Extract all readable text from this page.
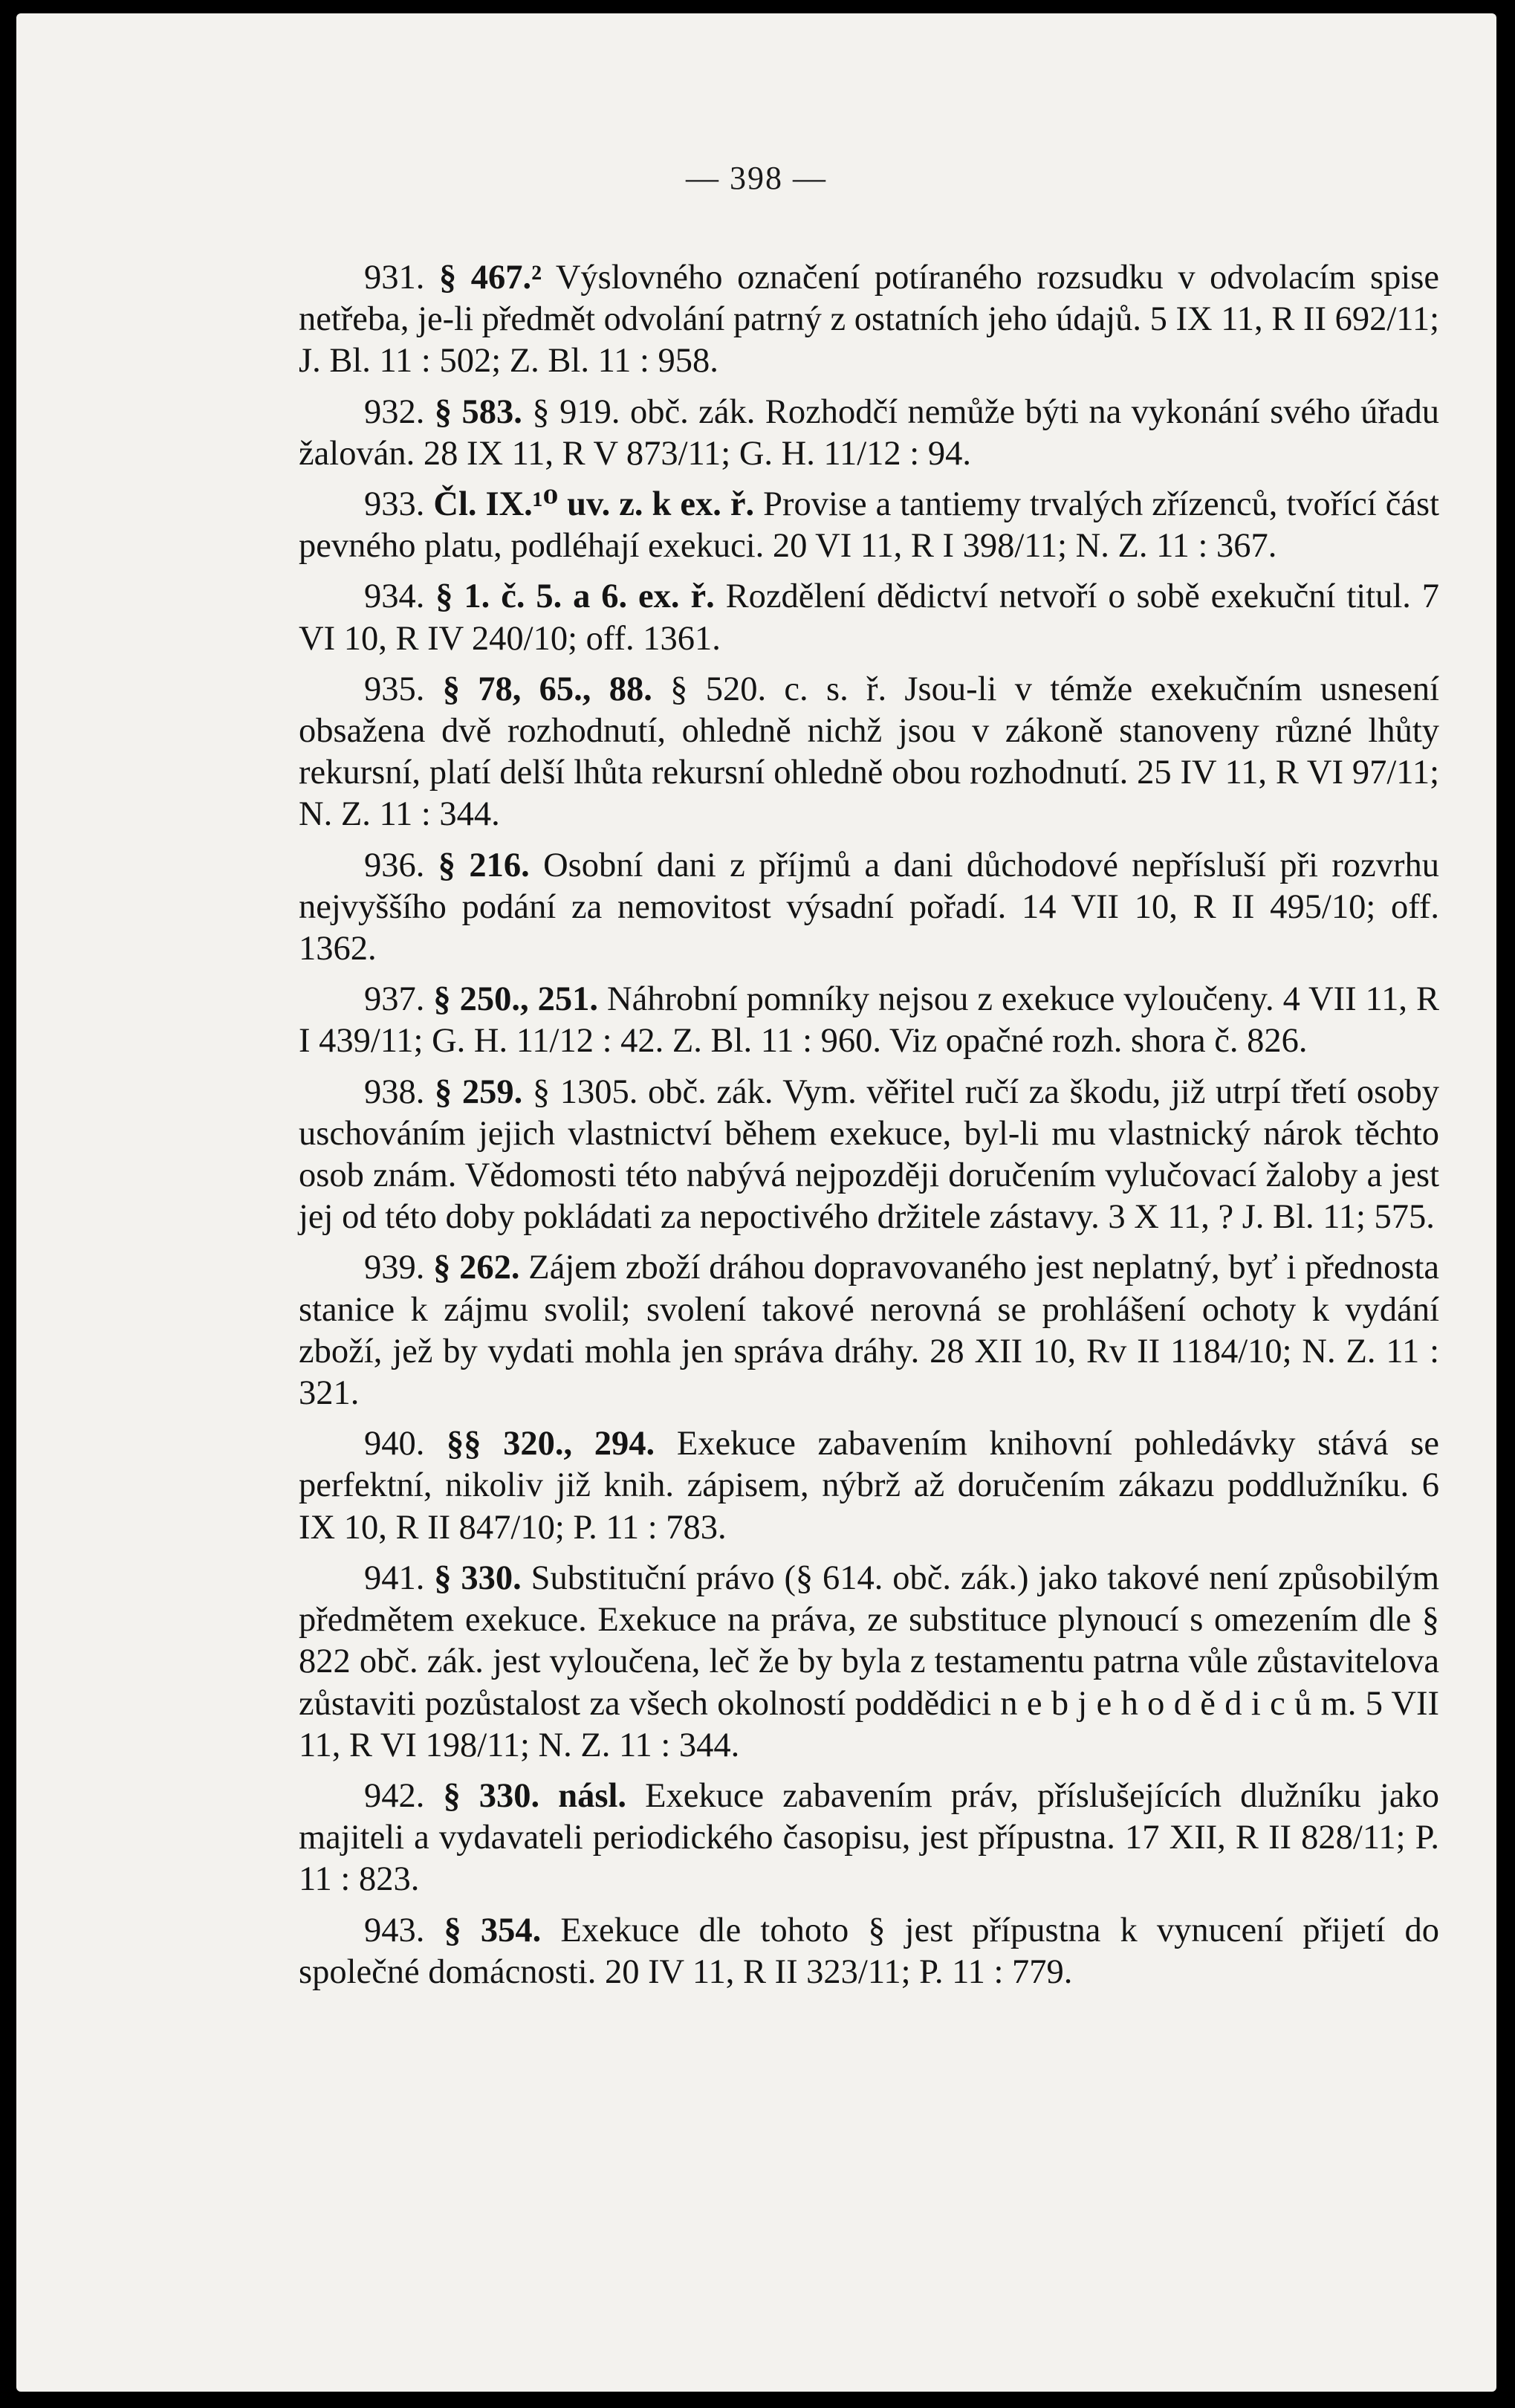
— 398 —

931. § 467.² Výslovného označení potíraného rozsudku v odvolacím spise netřeba, je-li předmět odvolání patrný z ostatních jeho údajů. 5 IX 11, R II 692/11; J. Bl. 11 : 502; Z. Bl. 11 : 958.

932. § 583. § 919. obč. zák. Rozhodčí nemůže býti na vykonání svého úřadu žalován. 28 IX 11, R V 873/11; G. H. 11/12 : 94.

933. Čl. IX.¹⁰ uv. z. k ex. ř. Provise a tantiemy trvalých zřízenců, tvořící část pevného platu, podléhají exekuci. 20 VI 11, R I 398/11; N. Z. 11 : 367.

934. § 1. č. 5. a 6. ex. ř. Rozdělení dědictví netvoří o sobě exekuční titul. 7 VI 10, R IV 240/10; off. 1361.

935. § 78, 65., 88. § 520. c. s. ř. Jsou-li v témže exekučním usnesení obsažena dvě rozhodnutí, ohledně nichž jsou v zákoně stanoveny různé lhůty rekursní, platí delší lhůta rekursní ohledně obou rozhodnutí. 25 IV 11, R VI 97/11; N. Z. 11 : 344.

936. § 216. Osobní dani z příjmů a dani důchodové nepřísluší při rozvrhu nejvyššího podání za nemovitost výsadní pořadí. 14 VII 10, R II 495/10; off. 1362.

937. § 250., 251. Náhrobní pomníky nejsou z exekuce vyloučeny. 4 VII 11, R I 439/11; G. H. 11/12 : 42. Z. Bl. 11 : 960. Viz opačné rozh. shora č. 826.

938. § 259. § 1305. obč. zák. Vym. věřitel ručí za škodu, již utrpí třetí osoby uschováním jejich vlastnictví během exekuce, byl-li mu vlastnický nárok těchto osob znám. Vědomosti této nabývá nejpozději doručením vylučovací žaloby a jest jej od této doby pokládati za nepoctivého držitele zástavy. 3 X 11, ? J. Bl. 11; 575.

939. § 262. Zájem zboží dráhou dopravovaného jest neplatný, byť i přednosta stanice k zájmu svolil; svolení takové nerovná se prohlášení ochoty k vydání zboží, jež by vydati mohla jen správa dráhy. 28 XII 10, Rv II 1184/10; N. Z. 11 : 321.

940. §§ 320., 294. Exekuce zabavením knihovní pohledávky stává se perfektní, nikoliv již knih. zápisem, nýbrž až doručením zákazu poddlužníku. 6 IX 10, R II 847/10; P. 11 : 783.

941. § 330. Substituční právo (§ 614. obč. zák.) jako takové není způsobilým předmětem exekuce. Exekuce na práva, ze substituce plynoucí s omezením dle § 822 obč. zák. jest vyloučena, leč že by byla z testamentu patrna vůle zůstavitelova zůstaviti pozůstalost za všech okolností poddědici n e b j e h o d ě d i c ů m. 5 VII 11, R VI 198/11; N. Z. 11 : 344.

942. § 330. násl. Exekuce zabavením práv, příslušejících dlužníku jako majiteli a vydavateli periodického časopisu, jest přípustna. 17 XII, R II 828/11; P. 11 : 823.

943. § 354. Exekuce dle tohoto § jest přípustna k vynucení přijetí do společné domácnosti. 20 IV 11, R II 323/11; P. 11 : 779.
